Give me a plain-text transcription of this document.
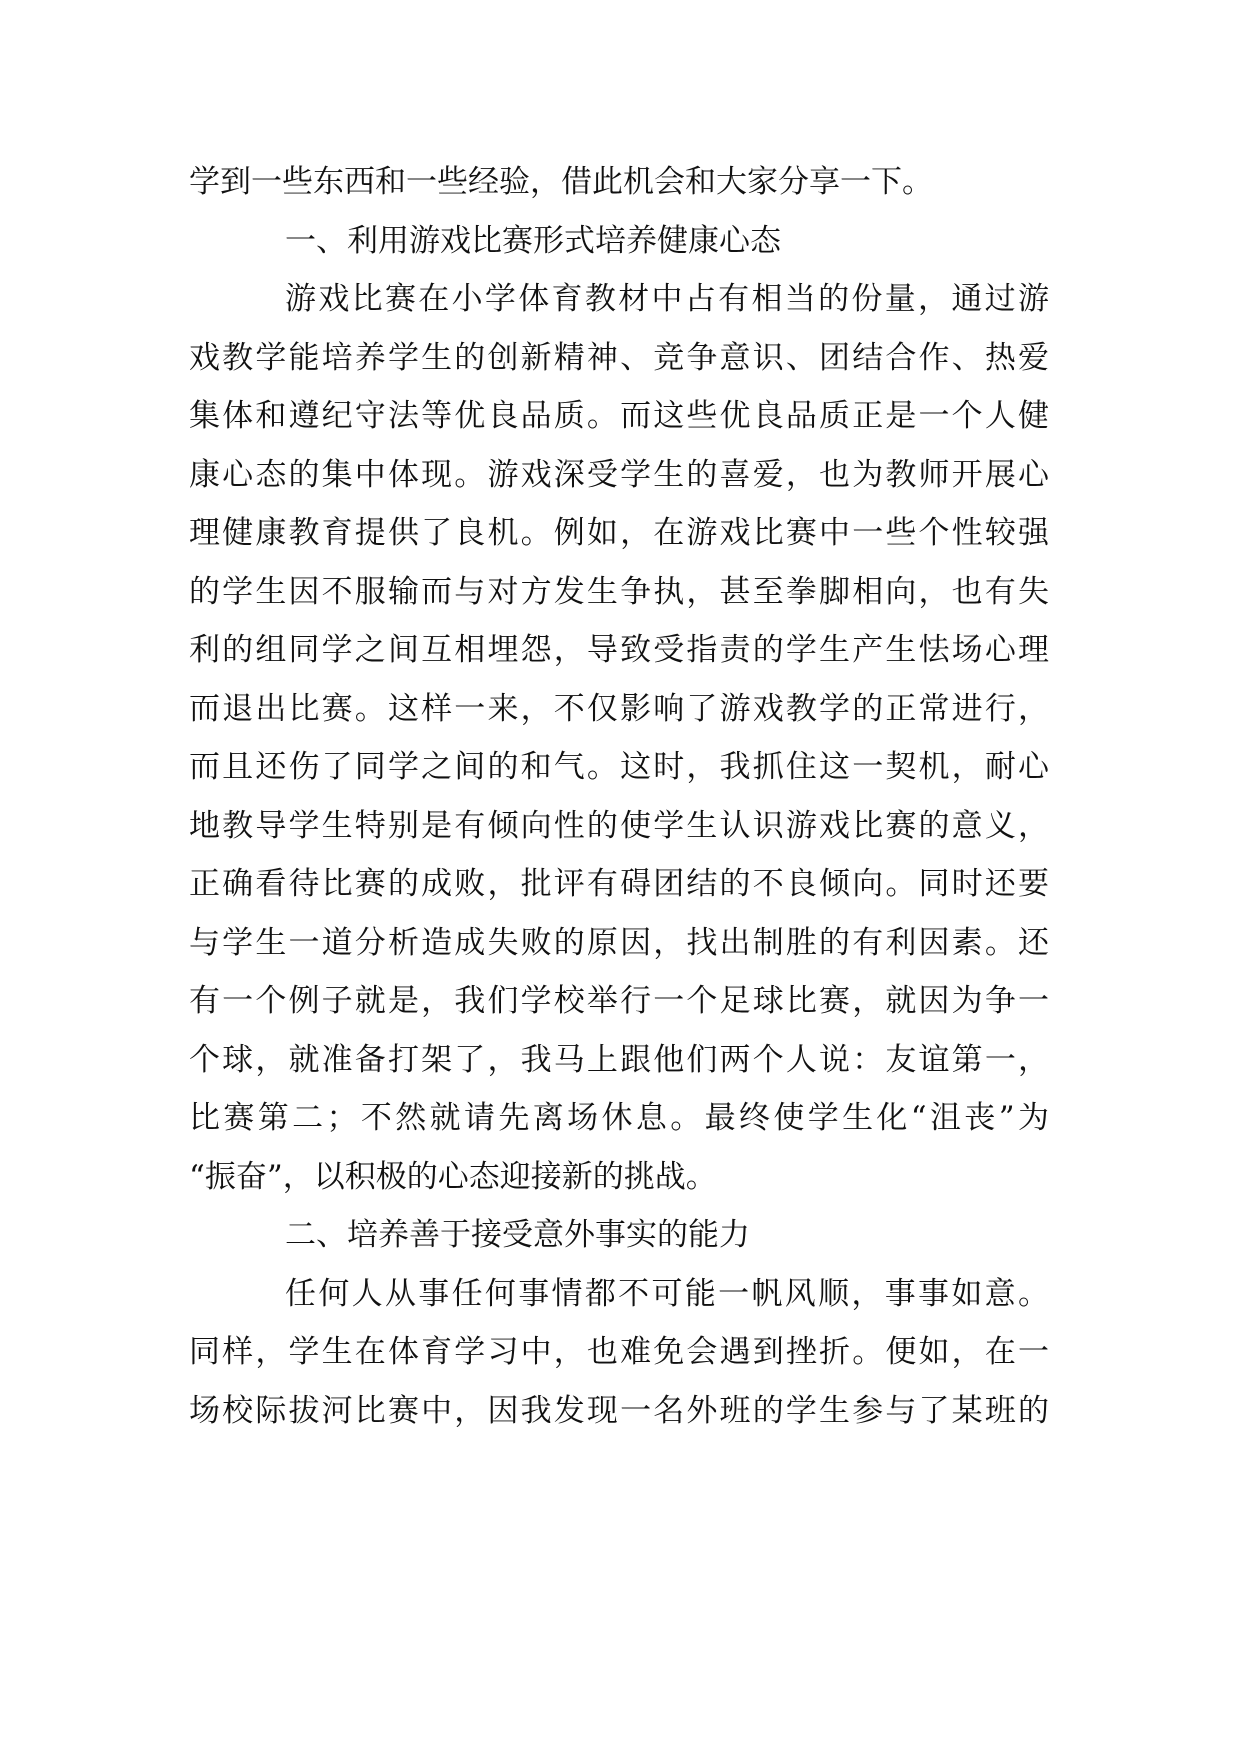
学到一些东西和一些经验，借此机会和大家分享一下。
一、利用游戏比赛形式培养健康心态
游戏比赛在小学体育教材中占有相当的份量，通过游
戏教学能培养学生的创新精神、竞争意识、团结合作、热爱
集体和遵纪守法等优良品质。而这些优良品质正是一个人健
康心态的集中体现。游戏深受学生的喜爱，也为教师开展心
理健康教育提供了良机。例如，在游戏比赛中一些个性较强
的学生因不服输而与对方发生争执，甚至拳脚相向，也有失
利的组同学之间互相埋怨，导致受指责的学生产生怯场心理
而退出比赛。这样一来，不仅影响了游戏教学的正常进行，
而且还伤了同学之间的和气。这时，我抓住这一契机，耐心
地教导学生特别是有倾向性的使学生认识游戏比赛的意义，
正确看待比赛的成败，批评有碍团结的不良倾向。同时还要
与学生一道分析造成失败的原因，找出制胜的有利因素。还
有一个例子就是，我们学校举行一个足球比赛，就因为争一
个球，就准备打架了，我马上跟他们两个人说：友谊第一，
比赛第二；不然就请先离场休息。最终使学生化“沮丧”为
“振奋”，以积极的心态迎接新的挑战。
二、培养善于接受意外事实的能力
任何人从事任何事情都不可能一帆风顺，事事如意。
同样，学生在体育学习中，也难免会遇到挫折。便如，在一
场校际拔河比赛中，因我发现一名外班的学生参与了某班的
